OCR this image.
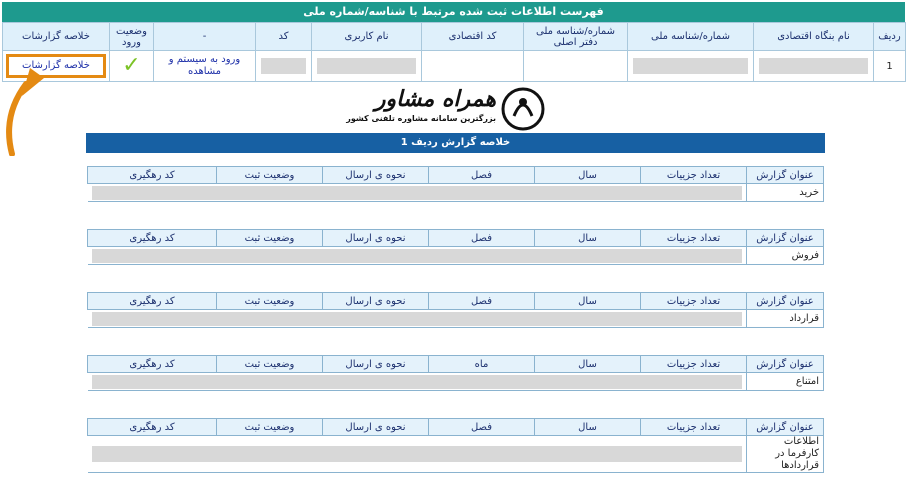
فهرست اطلاعات ثبت شده مرتبط با شناسه/شماره ملی
ردیف	نام بنگاه اقتصادی	شماره/شناسه ملی	شماره/شناسه ملی دفتر اصلی	کد اقتصادی	نام کاربری	کد	-	وضعیت ورود	خلاصه گزارشات
1							ورود به سیستم و مشاهده	✓	خلاصه گزارشات
همراه مشاور
بزرگترین سامانه مشاوره تلفنی کشور
خلاصه گزارش ردیف 1
عنوان گزارش	تعداد جزییات	سال	فصل	نحوه ی ارسال	وضعیت ثبت	کد رهگیری
خرید						
عنوان گزارش	تعداد جزییات	سال	فصل	نحوه ی ارسال	وضعیت ثبت	کد رهگیری
فروش						
عنوان گزارش	تعداد جزییات	سال	فصل	نحوه ی ارسال	وضعیت ثبت	کد رهگیری
قرارداد						
عنوان گزارش	تعداد جزییات	سال	ماه	نحوه ی ارسال	وضعیت ثبت	کد رهگیری
امتناع						
عنوان گزارش	تعداد جزییات	سال	فصل	نحوه ی ارسال	وضعیت ثبت	کد رهگیری
اطلاعات کارفرما در قراردادها						
